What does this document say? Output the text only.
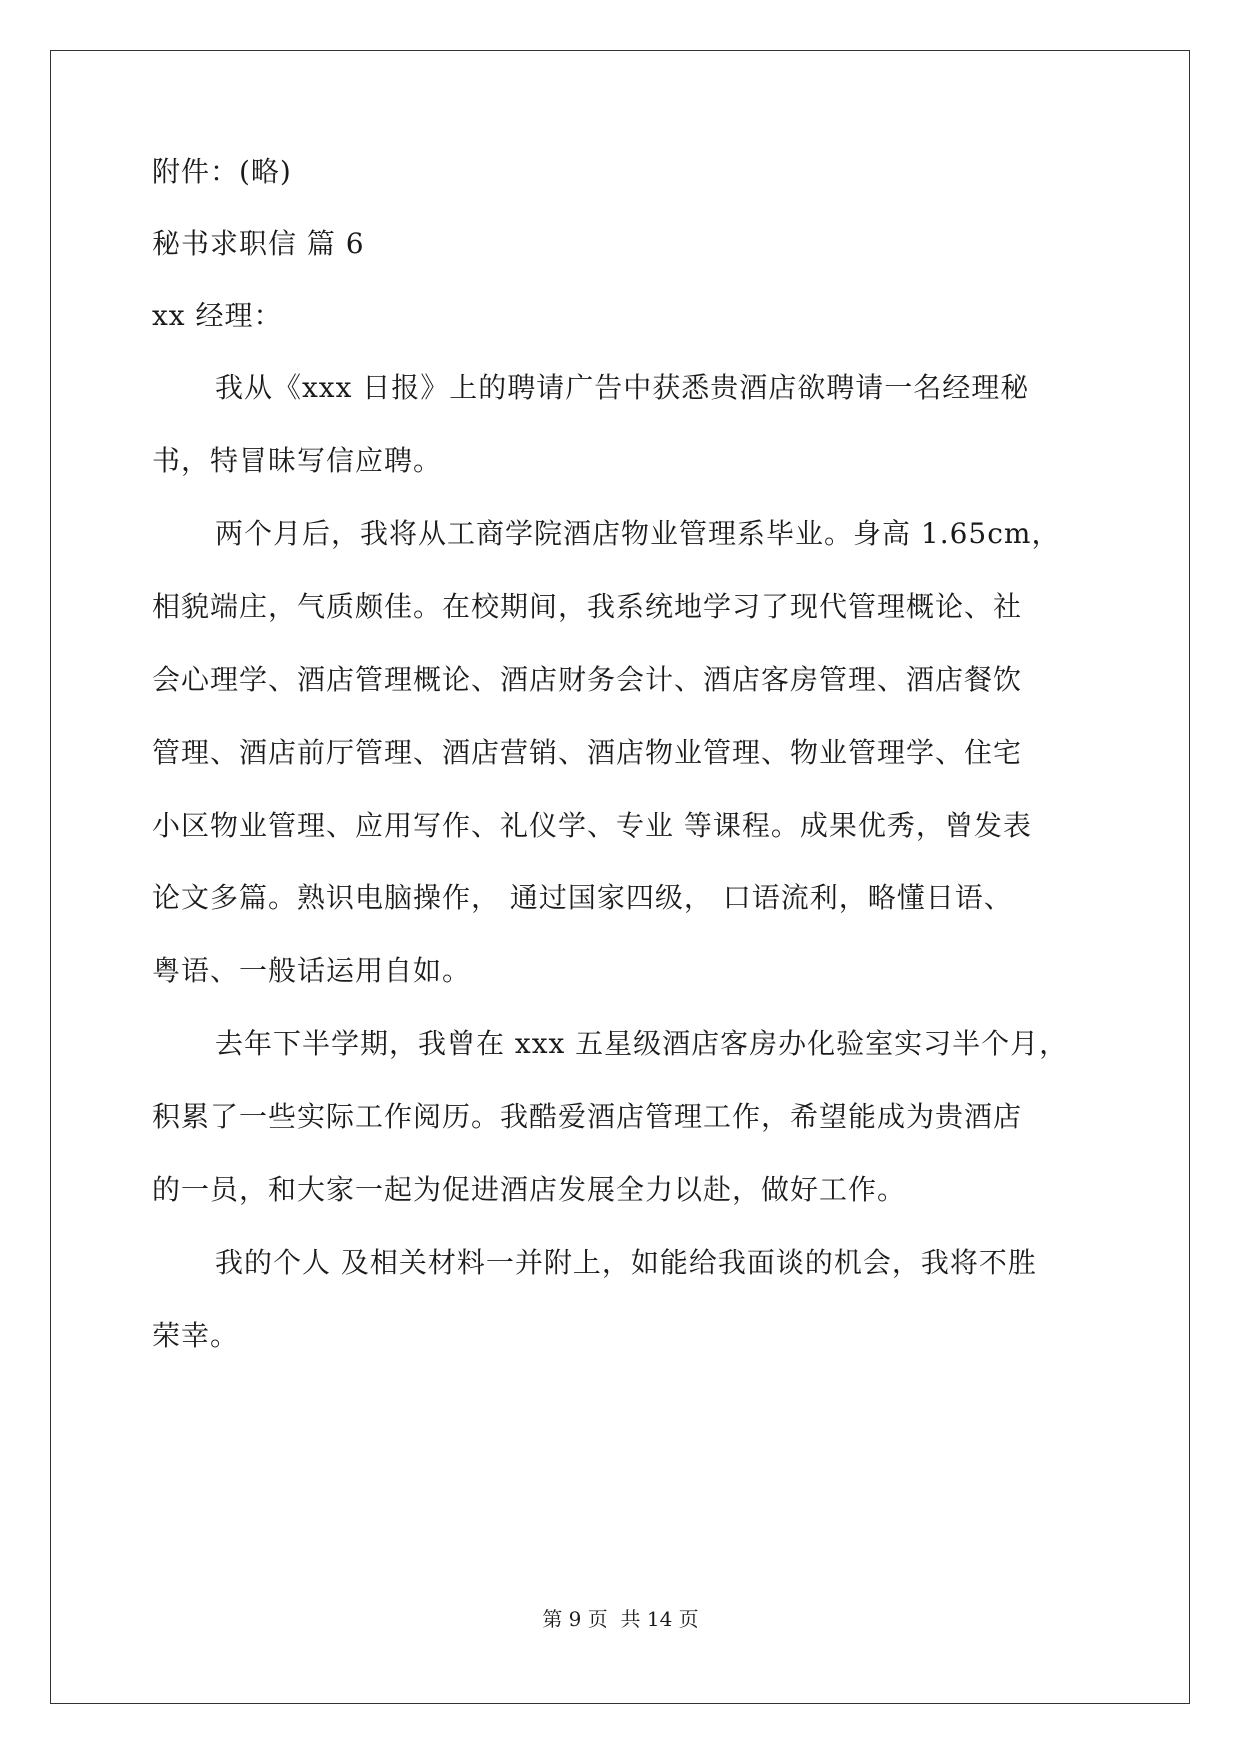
附件：(略)
秘书求职信 篇 6
xx 经理：
我从《xxx 日报》上的聘请广告中获悉贵酒店欲聘请一名经理秘
书，特冒昧写信应聘。
两个月后，我将从工商学院酒店物业管理系毕业。身高 1.65cm，
相貌端庄，气质颇佳。在校期间，我系统地学习了现代管理概论、社
会心理学、酒店管理概论、酒店财务会计、酒店客房管理、酒店餐饮
管理、酒店前厅管理、酒店营销、酒店物业管理、物业管理学、住宅
小区物业管理、应用写作、礼仪学、专业 等课程。成果优秀，曾发表
论文多篇。熟识电脑操作， 通过国家四级， 口语流利，略懂日语、
粤语、一般话运用自如。
去年下半学期，我曾在 xxx 五星级酒店客房办化验室实习半个月，
积累了一些实际工作阅历。我酷爱酒店管理工作，希望能成为贵酒店
的一员，和大家一起为促进酒店发展全力以赴，做好工作。
我的个人 及相关材料一并附上，如能给我面谈的机会，我将不胜
荣幸。
第 9 页  共 14 页
